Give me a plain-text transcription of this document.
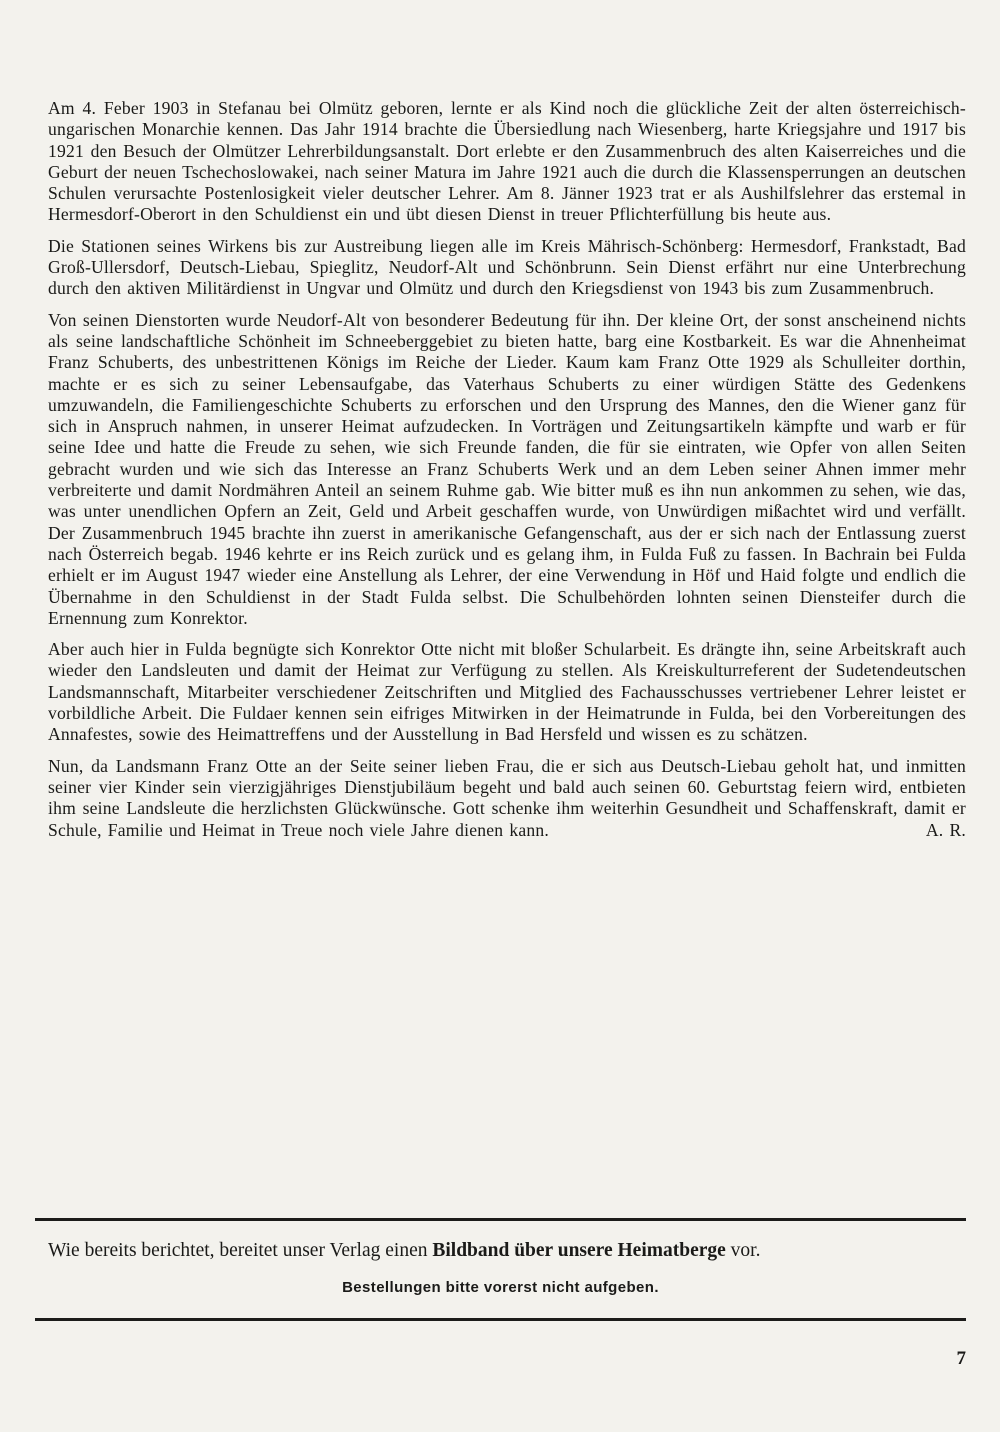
Am 4. Feber 1903 in Stefanau bei Olmütz geboren, lernte er als Kind noch die glückliche Zeit der alten österreichisch-ungarischen Monarchie kennen. Das Jahr 1914 brachte die Übersiedlung nach Wiesenberg, harte Kriegsjahre und 1917 bis 1921 den Besuch der Olmützer Lehrerbildungsanstalt. Dort erlebte er den Zusammenbruch des alten Kaiserreiches und die Geburt der neuen Tschechoslowakei, nach seiner Matura im Jahre 1921 auch die durch die Klassensperrungen an deutschen Schulen verursachte Postenlosigkeit vieler deutscher Lehrer. Am 8. Jänner 1923 trat er als Aushilfslehrer das erstemal in Hermesdorf-Oberort in den Schuldienst ein und übt diesen Dienst in treuer Pflichterfüllung bis heute aus.

Die Stationen seines Wirkens bis zur Austreibung liegen alle im Kreis Mährisch-Schönberg: Hermesdorf, Frankstadt, Bad Groß-Ullersdorf, Deutsch-Liebau, Spieglitz, Neudorf-Alt und Schönbrunn. Sein Dienst erfährt nur eine Unterbrechung durch den aktiven Militärdienst in Ungvar und Olmütz und durch den Kriegsdienst von 1943 bis zum Zusammenbruch.

Von seinen Dienstorten wurde Neudorf-Alt von besonderer Bedeutung für ihn. Der kleine Ort, der sonst anscheinend nichts als seine landschaftliche Schönheit im Schneeberggebiet zu bieten hatte, barg eine Kostbarkeit. Es war die Ahnenheimat Franz Schuberts, des unbestrittenen Königs im Reiche der Lieder. Kaum kam Franz Otte 1929 als Schulleiter dorthin, machte er es sich zu seiner Lebensaufgabe, das Vaterhaus Schuberts zu einer würdigen Stätte des Gedenkens umzuwandeln, die Familiengeschichte Schuberts zu erforschen und den Ursprung des Mannes, den die Wiener ganz für sich in Anspruch nahmen, in unserer Heimat aufzudecken. In Vorträgen und Zeitungsartikeln kämpfte und warb er für seine Idee und hatte die Freude zu sehen, wie sich Freunde fanden, die für sie eintraten, wie Opfer von allen Seiten gebracht wurden und wie sich das Interesse an Franz Schuberts Werk und an dem Leben seiner Ahnen immer mehr verbreiterte und damit Nordmähren Anteil an seinem Ruhme gab. Wie bitter muß es ihn nun ankommen zu sehen, wie das, was unter unendlichen Opfern an Zeit, Geld und Arbeit geschaffen wurde, von Unwürdigen mißachtet wird und verfällt. Der Zusammenbruch 1945 brachte ihn zuerst in amerikanische Gefangenschaft, aus der er sich nach der Entlassung zuerst nach Österreich begab. 1946 kehrte er ins Reich zurück und es gelang ihm, in Fulda Fuß zu fassen. In Bachrain bei Fulda erhielt er im August 1947 wieder eine Anstellung als Lehrer, der eine Verwendung in Höf und Haid folgte und endlich die Übernahme in den Schuldienst in der Stadt Fulda selbst. Die Schulbehörden lohnten seinen Diensteifer durch die Ernennung zum Konrektor.

Aber auch hier in Fulda begnügte sich Konrektor Otte nicht mit bloßer Schularbeit. Es drängte ihn, seine Arbeitskraft auch wieder den Landsleuten und damit der Heimat zur Verfügung zu stellen. Als Kreiskulturreferent der Sudetendeutschen Landsmannschaft, Mitarbeiter verschiedener Zeitschriften und Mitglied des Fachausschusses vertriebener Lehrer leistet er vorbildliche Arbeit. Die Fuldaer kennen sein eifriges Mitwirken in der Heimatrunde in Fulda, bei den Vorbereitungen des Annafestes, sowie des Heimattreffens und der Ausstellung in Bad Hersfeld und wissen es zu schätzen.

Nun, da Landsmann Franz Otte an der Seite seiner lieben Frau, die er sich aus Deutsch-Liebau geholt hat, und inmitten seiner vier Kinder sein vierzigjähriges Dienstjubiläum begeht und bald auch seinen 60. Geburtstag feiern wird, entbieten ihm seine Landsleute die herzlichsten Glückwünsche. Gott schenke ihm weiterhin Gesundheit und Schaffenskraft, damit er Schule, Familie und Heimat in Treue noch viele Jahre dienen kann.	A. R.

Wie bereits berichtet, bereitet unser Verlag einen Bildband über unsere Heimatberge vor.

Bestellungen bitte vorerst nicht aufgeben.

7
